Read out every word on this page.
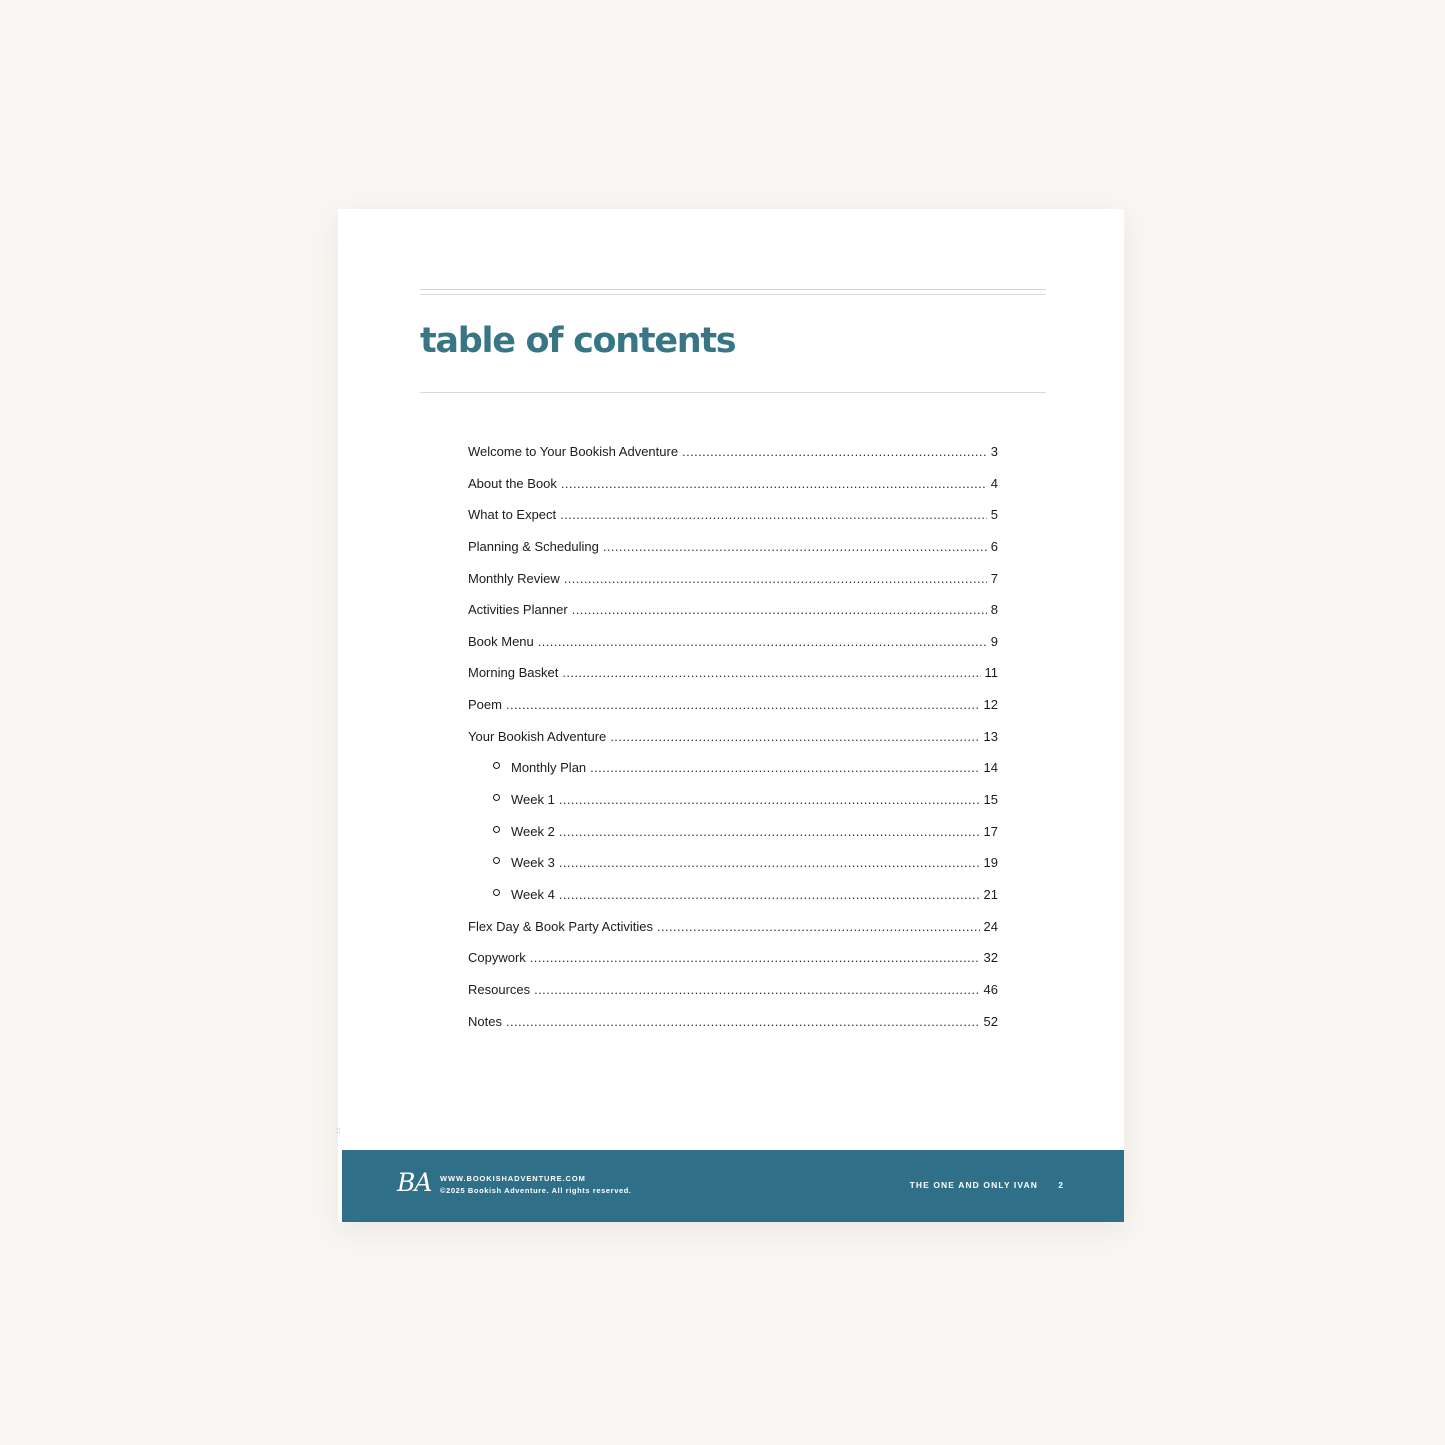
table of contents
Welcome to Your Bookish Adventure .....	3
About the Book .....	4
What to Expect .....	5
Planning & Scheduling .....	6
Monthly Review .....	7
Activities Planner .....	8
Book Menu .....	9
Morning Basket .....	11
Poem .....	12
Your Bookish Adventure .....	13
Monthly Plan .....	14
Week 1 .....	15
Week 2 .....	17
Week 3 .....	19
Week 4 .....	21
Flex Day & Book Party Activities .....	24
Copywork .....	32
Resources .....	46
Notes .....	52
::
BA WWW.BOOKISHADVENTURE.COM
©2025 Bookish Adventure. All rights reserved.
THE ONE AND ONLY IVAN 2
